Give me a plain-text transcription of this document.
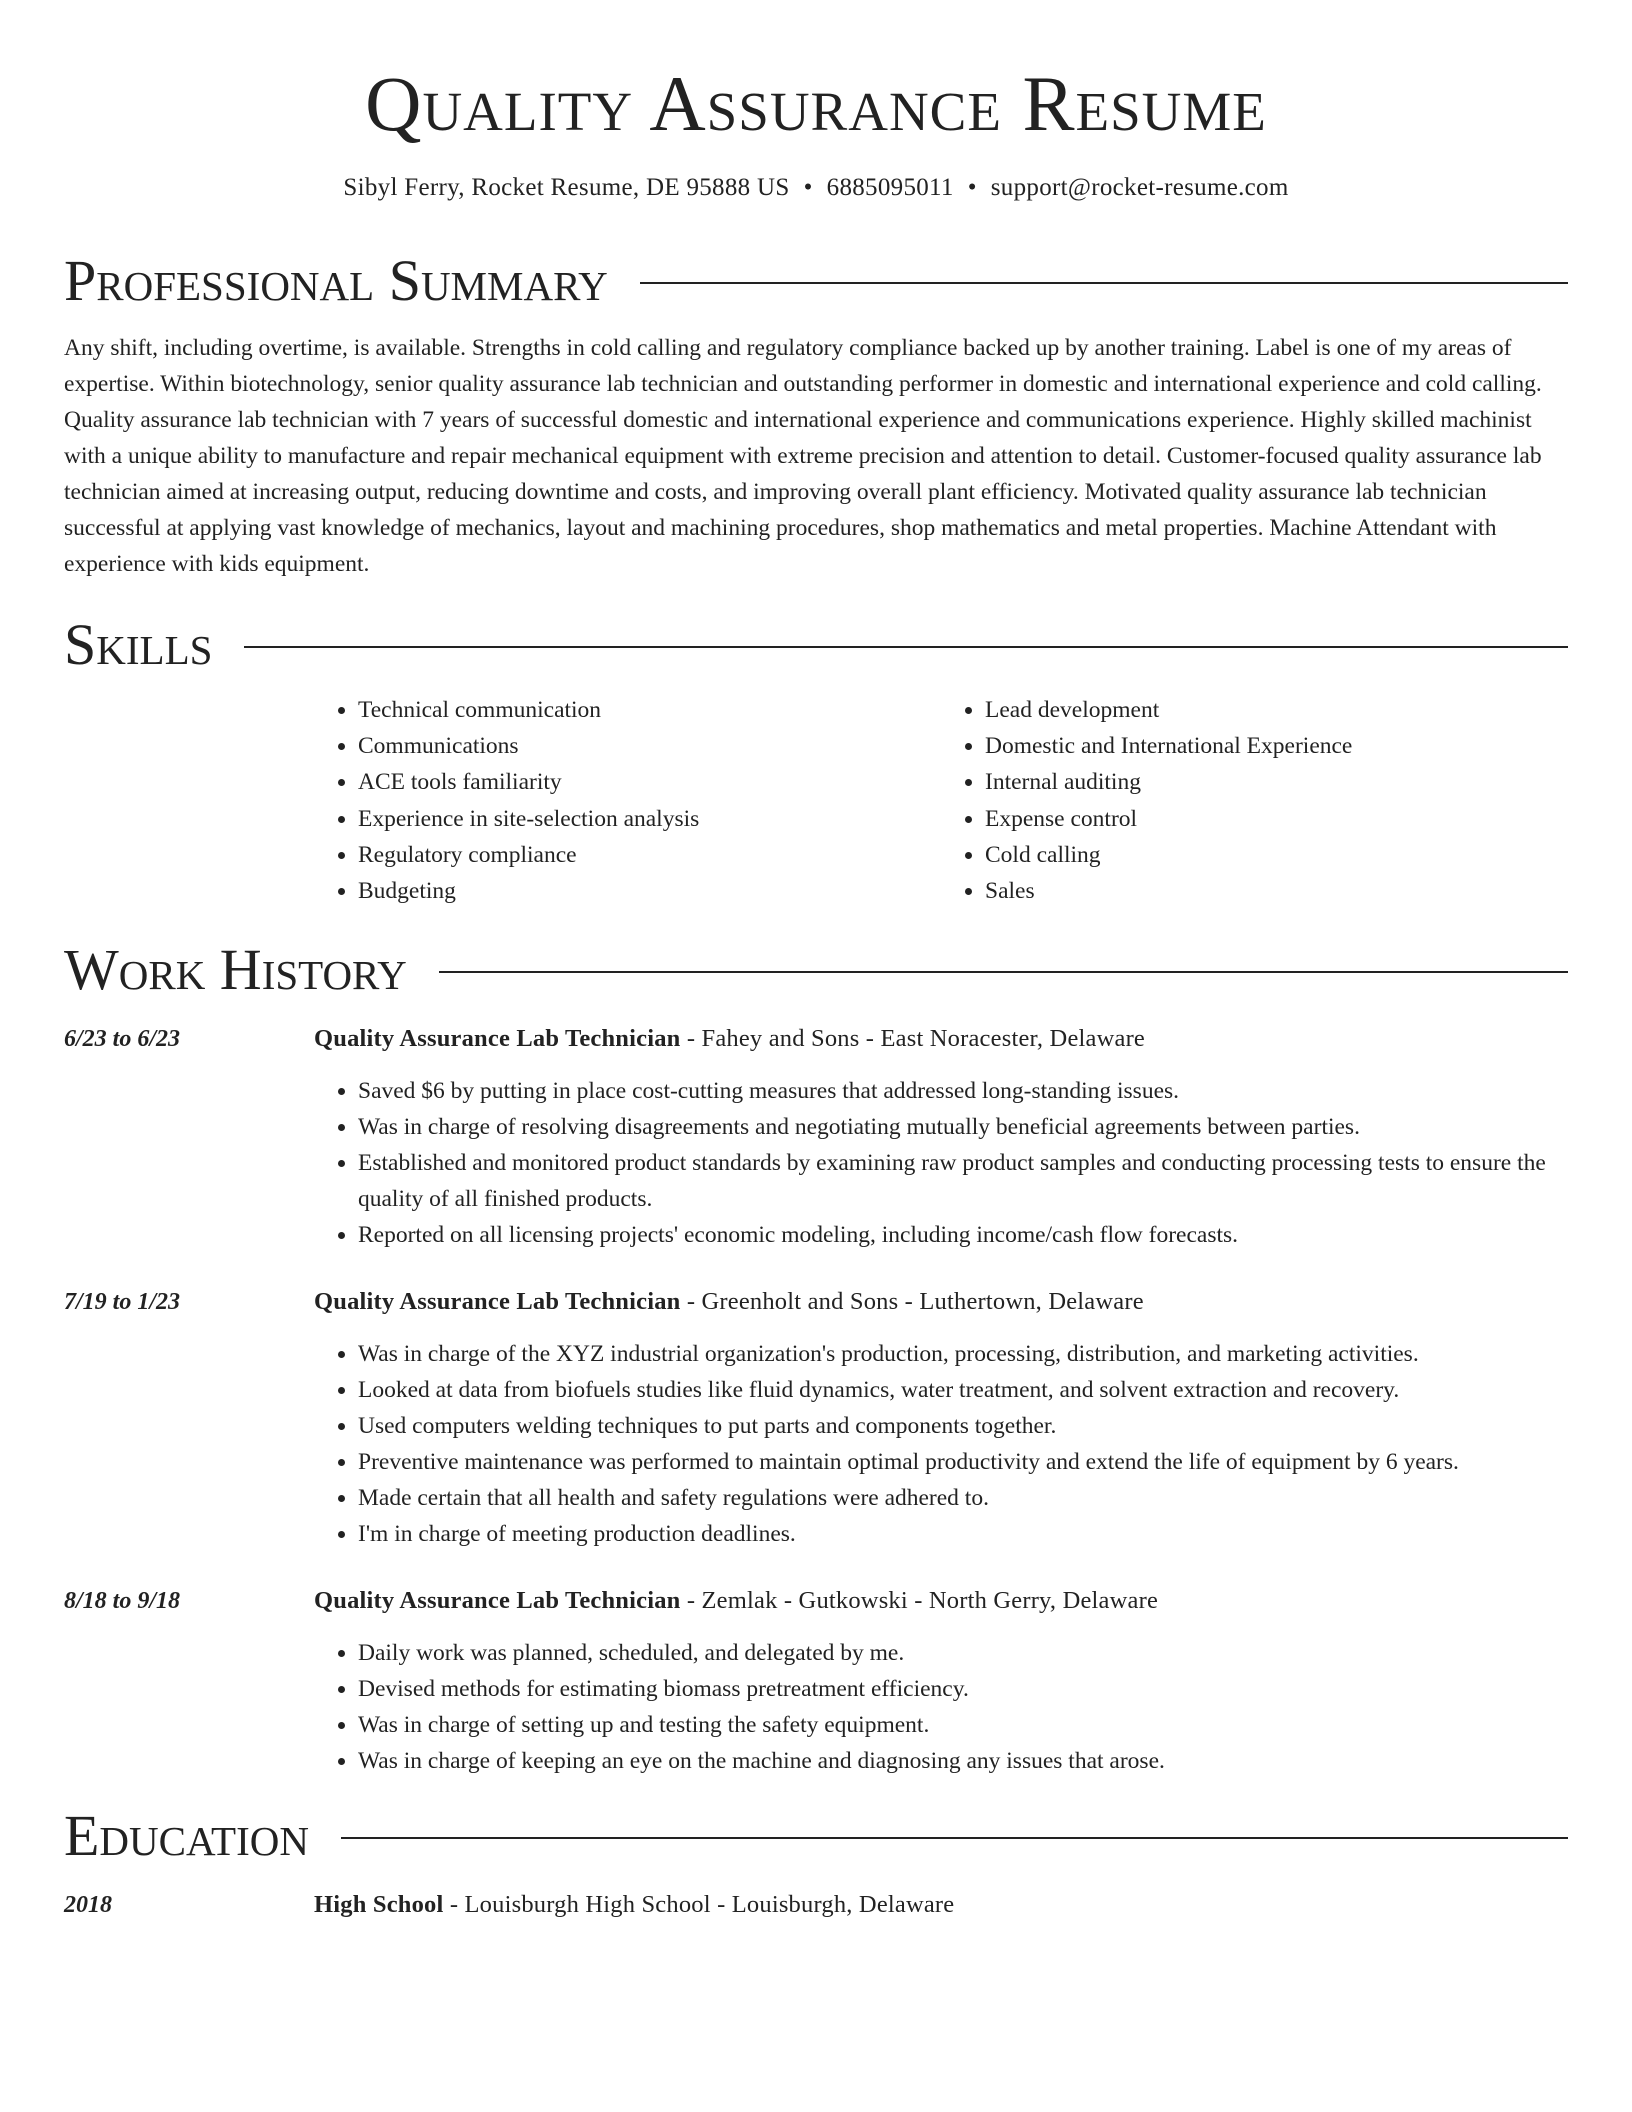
Quality Assurance Resume
Sibyl Ferry, Rocket Resume, DE 95888 US • 6885095011 • support@rocket-resume.com
Professional Summary

Any shift, including overtime, is available. Strengths in cold calling and regulatory compliance backed up by another training. Label is one of my areas of expertise. Within biotechnology, senior quality assurance lab technician and outstanding performer in domestic and international experience and cold calling. Quality assurance lab technician with 7 years of successful domestic and international experience and communications experience. Highly skilled machinist with a unique ability to manufacture and repair mechanical equipment with extreme precision and attention to detail. Customer-focused quality assurance lab technician aimed at increasing output, reducing downtime and costs, and improving overall plant efficiency. Motivated quality assurance lab technician successful at applying vast knowledge of mechanics, layout and machining procedures, shop mathematics and metal properties. Machine Attendant with experience with kids equipment.

Skills
• Technical communication
• Communications
• ACE tools familiarity
• Experience in site-selection analysis
• Regulatory compliance
• Budgeting
• Lead development
• Domestic and International Experience
• Internal auditing
• Expense control
• Cold calling
• Sales
Work History
6/23 to 6/23	Quality Assurance Lab Technician - Fahey and Sons - East Noracester, Delaware
• Saved $6 by putting in place cost-cutting measures that addressed long-standing issues.
• Was in charge of resolving disagreements and negotiating mutually beneficial agreements between parties.
• Established and monitored product standards by examining raw product samples and conducting processing tests to ensure the quality of all finished products.
• Reported on all licensing projects' economic modeling, including income/cash flow forecasts.
7/19 to 1/23	Quality Assurance Lab Technician - Greenholt and Sons - Luthertown, Delaware
• Was in charge of the XYZ industrial organization's production, processing, distribution, and marketing activities.
• Looked at data from biofuels studies like fluid dynamics, water treatment, and solvent extraction and recovery.
• Used computers welding techniques to put parts and components together.
• Preventive maintenance was performed to maintain optimal productivity and extend the life of equipment by 6 years.
• Made certain that all health and safety regulations were adhered to.
• I'm in charge of meeting production deadlines.
8/18 to 9/18	Quality Assurance Lab Technician - Zemlak - Gutkowski - North Gerry, Delaware
• Daily work was planned, scheduled, and delegated by me.
• Devised methods for estimating biomass pretreatment efficiency.
• Was in charge of setting up and testing the safety equipment.
• Was in charge of keeping an eye on the machine and diagnosing any issues that arose.
Education
2018	High School - Louisburgh High School - Louisburgh, Delaware
